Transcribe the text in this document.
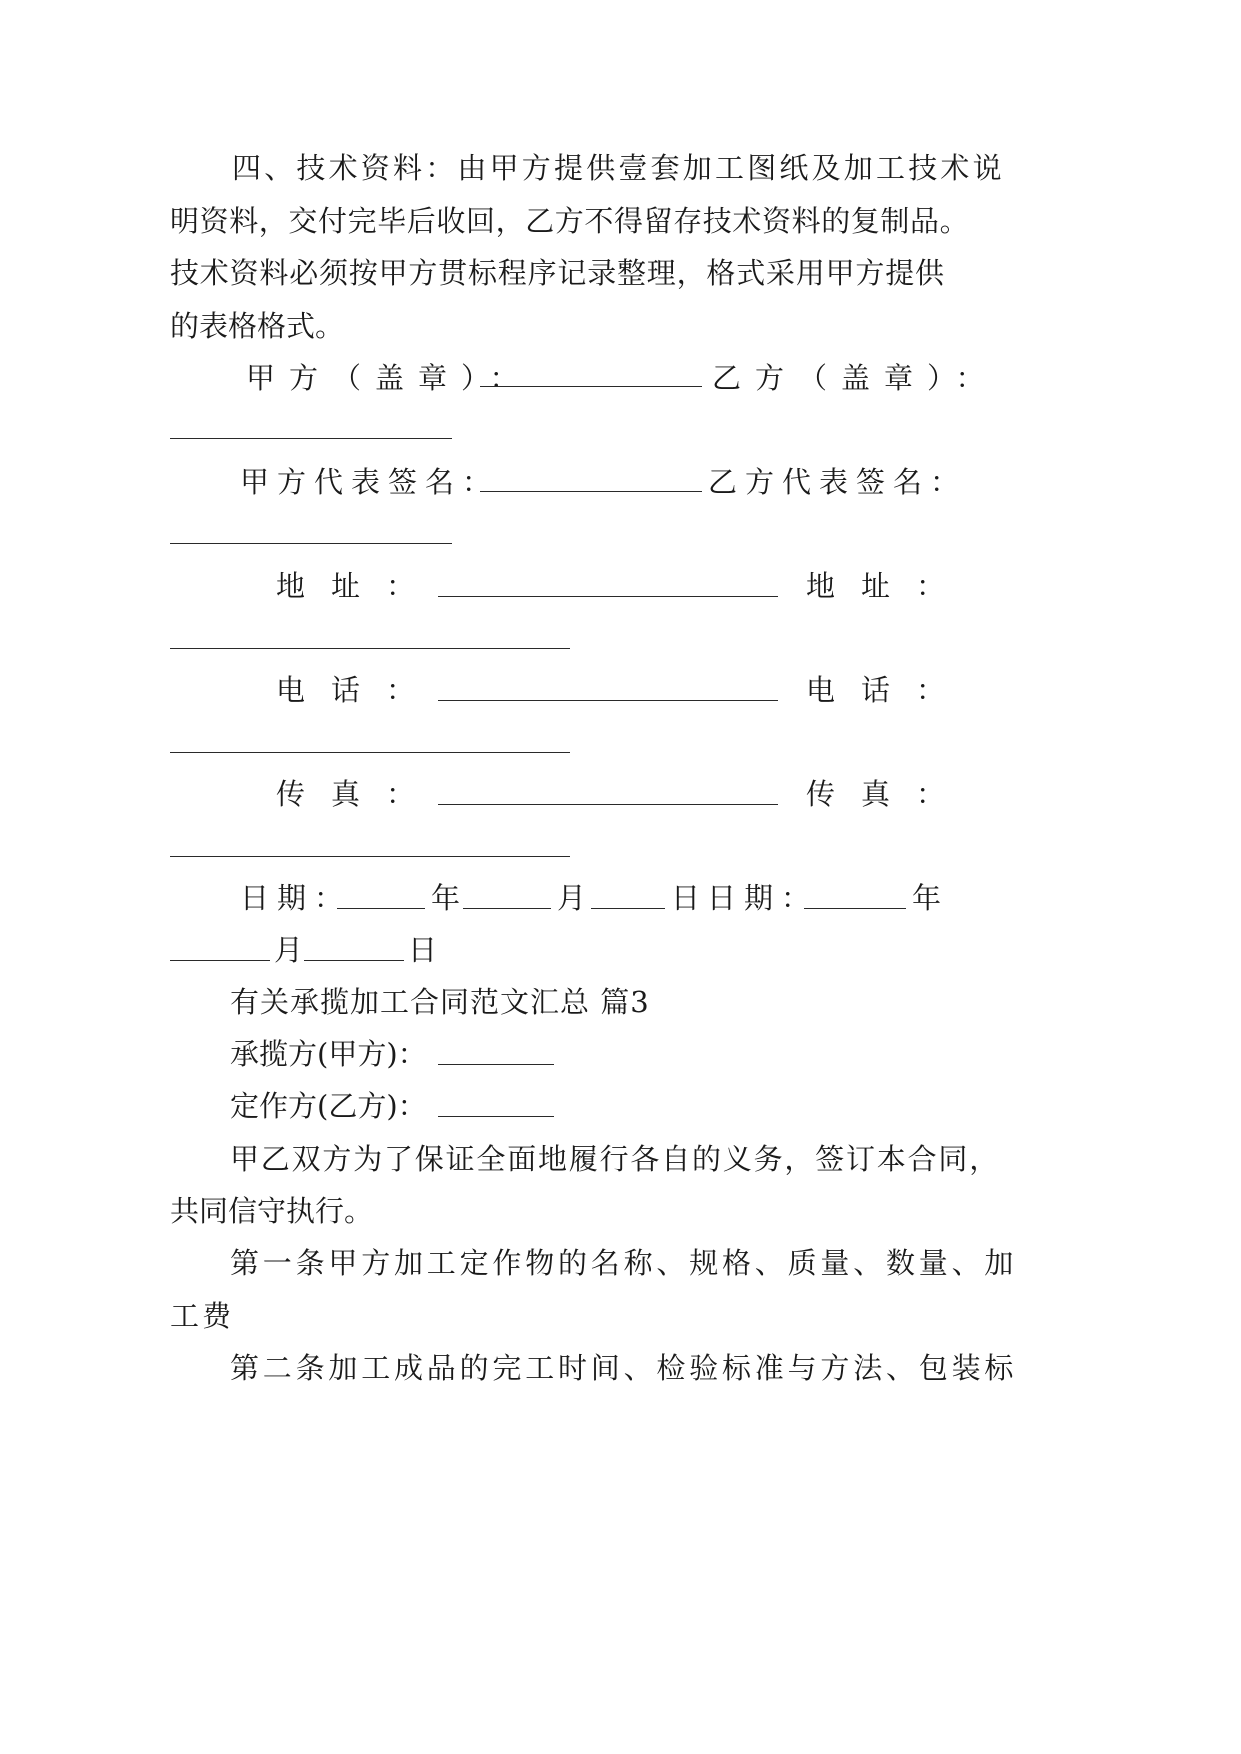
四、技术资料：由甲方提供壹套加工图纸及加工技术说
明资料，交付完毕后收回，乙方不得留存技术资料的复制品。
技术资料必须按甲方贯标程序记录整理，格式采用甲方提供
的表格格式。
甲方（盖章）：	乙方（盖章）：
甲方代表签名：	乙方代表签名：
地址：	地址：
电话：	电话：
传真：	传真：
日期：	年	月	日 日期：	年
月	日
有关承揽加工合同范文汇总 篇3
承揽方(甲方)：
定作方(乙方)：
甲乙双方为了保证全面地履行各自的义务，签订本合同，
共同信守执行。
第一条甲方加工定作物的名称、规格、质量、数量、加
工费
第二条加工成品的完工时间、检验标准与方法、包装标
